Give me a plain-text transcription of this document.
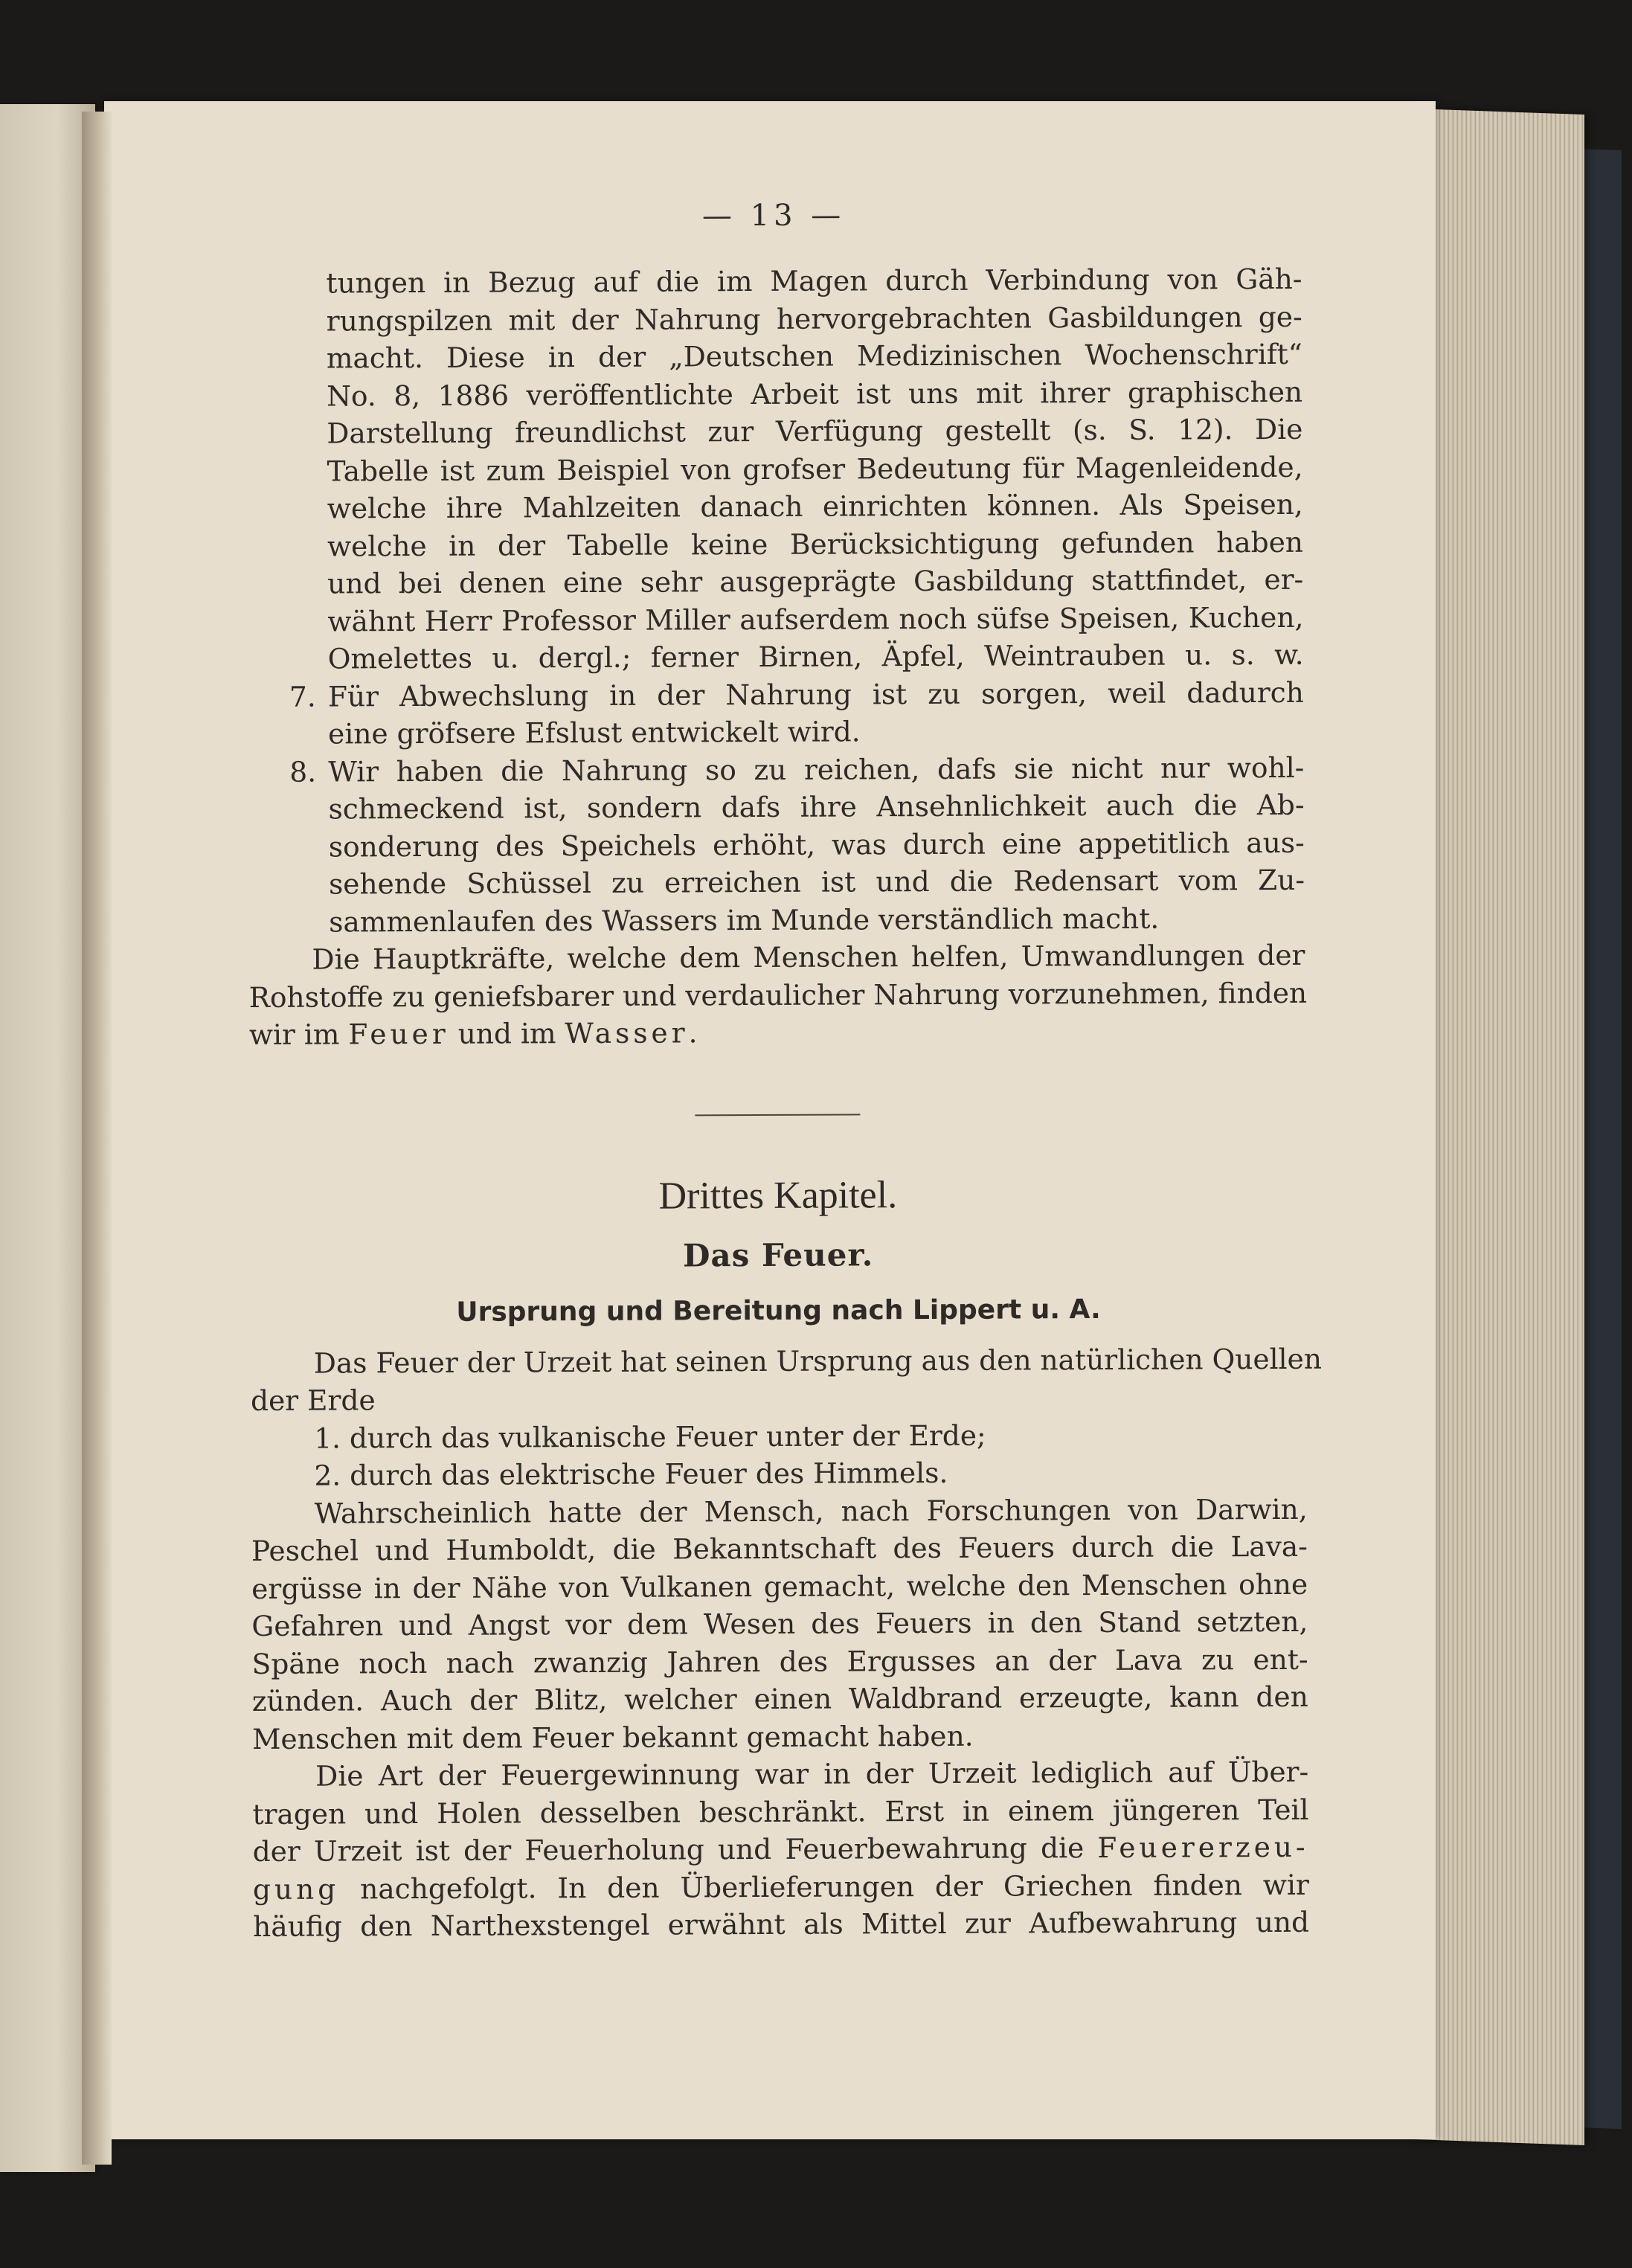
— 13 —
tungen in Bezug auf die im Magen durch Verbindung von Gäh-
rungspilzen mit der Nahrung hervorgebrachten Gasbildungen ge-
macht. Diese in der „Deutschen Medizinischen Wochenschrift“
No. 8, 1886 veröffentlichte Arbeit ist uns mit ihrer graphischen
Darstellung freundlichst zur Verfügung gestellt (s. S. 12). Die
Tabelle ist zum Beispiel von grofser Bedeutung für Magenleidende,
welche ihre Mahlzeiten danach einrichten können. Als Speisen,
welche in der Tabelle keine Berücksichtigung gefunden haben
und bei denen eine sehr ausgeprägte Gasbildung stattfindet, er-
wähnt Herr Professor Miller aufserdem noch süfse Speisen, Kuchen,
Omelettes u. dergl.; ferner Birnen, Äpfel, Weintrauben u. s. w.
7. Für Abwechslung in der Nahrung ist zu sorgen, weil dadurch
eine gröfsere Efslust entwickelt wird.
8. Wir haben die Nahrung so zu reichen, dafs sie nicht nur wohl-
schmeckend ist, sondern dafs ihre Ansehnlichkeit auch die Ab-
sonderung des Speichels erhöht, was durch eine appetitlich aus-
sehende Schüssel zu erreichen ist und die Redensart vom Zu-
sammenlaufen des Wassers im Munde verständlich macht.
Die Hauptkräfte, welche dem Menschen helfen, Umwandlungen der
Rohstoffe zu geniefsbarer und verdaulicher Nahrung vorzunehmen, finden
wir im Feuer und im Wasser.
Drittes Kapitel.
Das Feuer.
Ursprung und Bereitung nach Lippert u. A.
Das Feuer der Urzeit hat seinen Ursprung aus den natürlichen Quellen
der Erde
1. durch das vulkanische Feuer unter der Erde;
2. durch das elektrische Feuer des Himmels.
Wahrscheinlich hatte der Mensch, nach Forschungen von Darwin,
Peschel und Humboldt, die Bekanntschaft des Feuers durch die Lava-
ergüsse in der Nähe von Vulkanen gemacht, welche den Menschen ohne
Gefahren und Angst vor dem Wesen des Feuers in den Stand setzten,
Späne noch nach zwanzig Jahren des Ergusses an der Lava zu ent-
zünden. Auch der Blitz, welcher einen Waldbrand erzeugte, kann den
Menschen mit dem Feuer bekannt gemacht haben.
Die Art der Feuergewinnung war in der Urzeit lediglich auf Über-
tragen und Holen desselben beschränkt. Erst in einem jüngeren Teil
der Urzeit ist der Feuerholung und Feuerbewahrung die Feuererzeu-
gung nachgefolgt. In den Überlieferungen der Griechen finden wir
häufig den Narthexstengel erwähnt als Mittel zur Aufbewahrung und
